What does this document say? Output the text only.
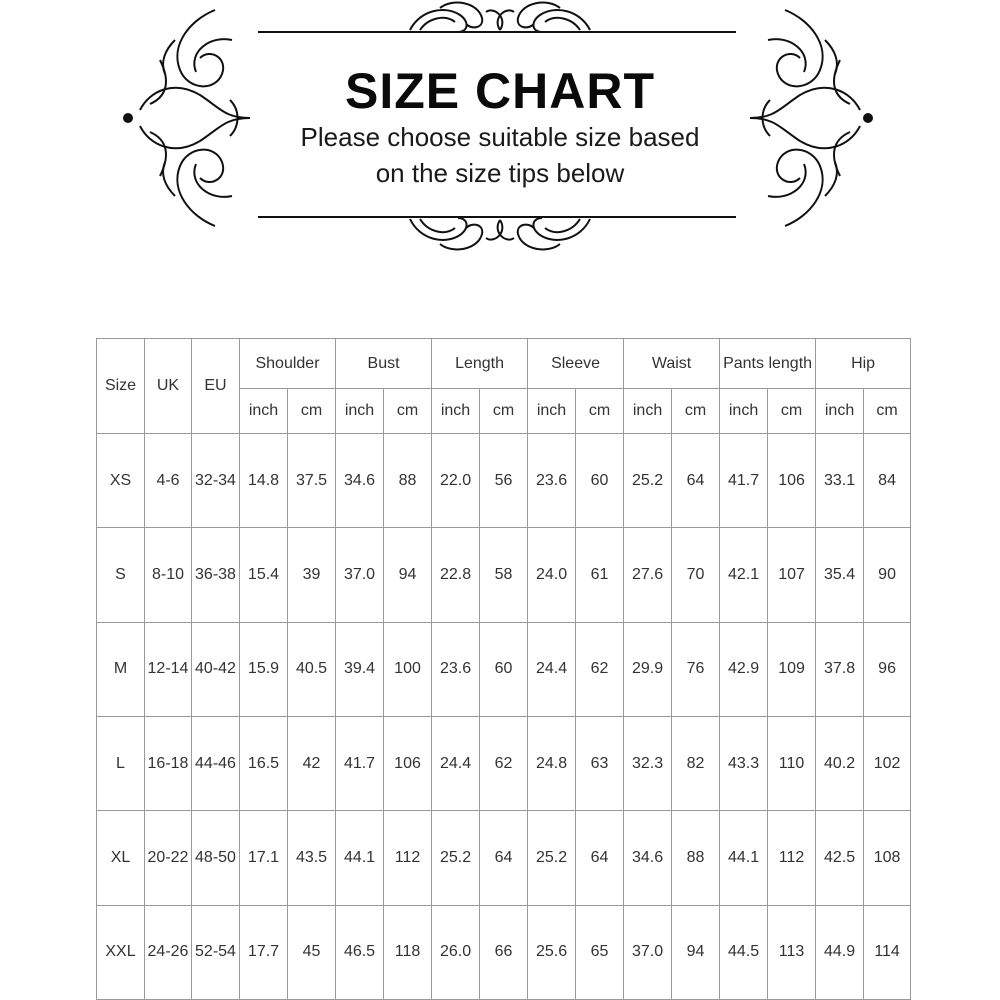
SIZE CHART
Please choose suitable size based
on the size tips below
Size	UK	EU	Shoulder		Bust		Length		Sleeve		Waist		Pants length		Hip	
			inch	cm	inch	cm	inch	cm	inch	cm	inch	cm	inch	cm	inch	cm
XS	4-6	32-34	14.8	37.5	34.6	88	22.0	56	23.6	60	25.2	64	41.7	106	33.1	84
S	8-10	36-38	15.4	39	37.0	94	22.8	58	24.0	61	27.6	70	42.1	107	35.4	90
M	12-14	40-42	15.9	40.5	39.4	100	23.6	60	24.4	62	29.9	76	42.9	109	37.8	96
L	16-18	44-46	16.5	42	41.7	106	24.4	62	24.8	63	32.3	82	43.3	110	40.2	102
XL	20-22	48-50	17.1	43.5	44.1	112	25.2	64	25.2	64	34.6	88	44.1	112	42.5	108
XXL	24-26	52-54	17.7	45	46.5	118	26.0	66	25.6	65	37.0	94	44.5	113	44.9	114
